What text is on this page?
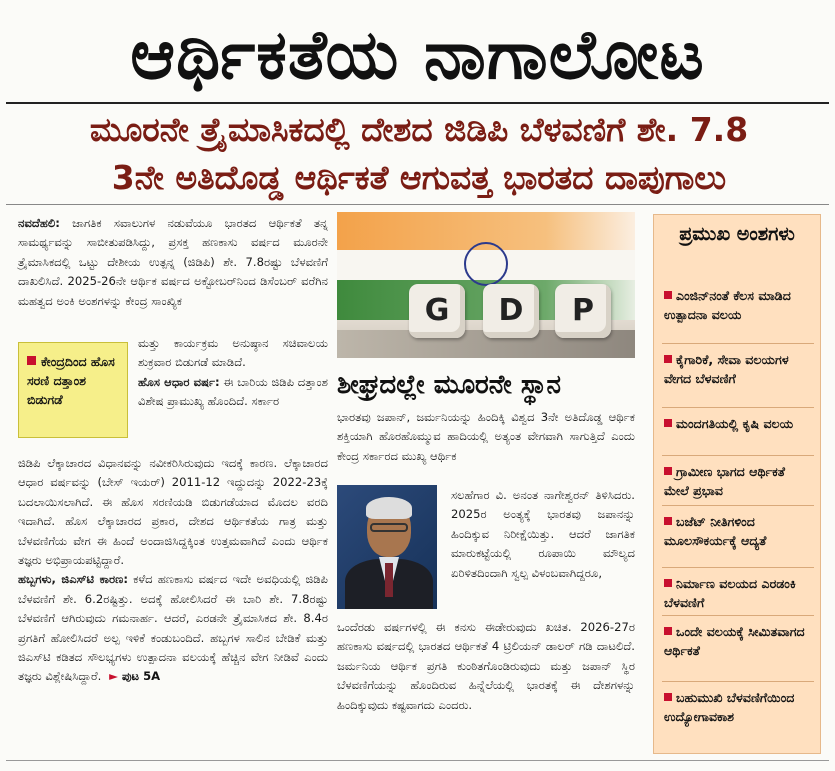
ಆರ್ಥಿಕತೆಯ ನಾಗಾಲೋಟ
ಮೂರನೇ ತ್ರೈಮಾಸಿಕದಲ್ಲಿ ದೇಶದ ಜಿಡಿಪಿ ಬೆಳವಣಿಗೆ ಶೇ. 7.8
3ನೇ ಅತಿದೊಡ್ಡ ಆರ್ಥಿಕತೆ ಆಗುವತ್ತ ಭಾರತದ ದಾಪುಗಾಲು

ನವದೆಹಲಿ: ಜಾಗತಿಕ ಸವಾಲುಗಳ ನಡುವೆಯೂ ಭಾರತದ ಆರ್ಥಿಕತೆ ತನ್ನ ಸಾಮರ್ಥ್ಯವನ್ನು ಸಾಬೀತುಪಡಿಸಿದ್ದು, ಪ್ರಸಕ್ತ ಹಣಕಾಸು ವರ್ಷದ ಮೂರನೇ ತ್ರೈಮಾಸಿಕದಲ್ಲಿ ಒಟ್ಟು ದೇಶೀಯ ಉತ್ಪನ್ನ (ಜಿಡಿಪಿ) ಶೇ. 7.8ರಷ್ಟು ಬೆಳವಣಿಗೆ ದಾಖಲಿಸಿದೆ. 2025-26ನೇ ಆರ್ಥಿಕ ವರ್ಷದ ಅಕ್ಟೋಬರ್‌ನಿಂದ ಡಿಸೆಂಬರ್ ವರೆಗಿನ ಮಹತ್ವದ ಅಂಕಿ ಅಂಶಗಳನ್ನು ಕೇಂದ್ರ ಸಾಂಖ್ಯಿಕ

ಮತ್ತು ಕಾರ್ಯಕ್ರಮ ಅನುಷ್ಠಾನ ಸಚಿವಾಲಯ ಶುಕ್ರವಾರ ಬಿಡುಗಡೆ ಮಾಡಿದೆ.

ಹೊಸ ಆಧಾರ ವರ್ಷ: ಈ ಬಾರಿಯ ಜಿಡಿಪಿ ದತ್ತಾಂಶ ವಿಶೇಷ ಪ್ರಾಮುಖ್ಯ ಹೊಂದಿದೆ. ಸರ್ಕಾರ

ಕೇಂದ್ರದಿಂದ ಹೊಸ ಸರಣಿ ದತ್ತಾಂಶ ಬಿಡುಗಡೆ

ಜಿಡಿಪಿ ಲೆಕ್ಕಾಚಾರದ ವಿಧಾನವನ್ನು ನವೀಕರಿಸಿರುವುದು ಇದಕ್ಕೆ ಕಾರಣ. ಲೆಕ್ಕಾಚಾರದ ಆಧಾರ ವರ್ಷವನ್ನು (ಬೇಸ್ ಇಯರ್) 2011-12 ಇದ್ದುದನ್ನು 2022-23ಕ್ಕೆ ಬದಲಾಯಿಸಲಾಗಿದೆ. ಈ ಹೊಸ ಸರಣಿಯಡಿ ಬಿಡುಗಡೆಯಾದ ಮೊದಲ ವರದಿ ಇದಾಗಿದೆ. ಹೊಸ ಲೆಕ್ಕಾಚಾರದ ಪ್ರಕಾರ, ದೇಶದ ಆರ್ಥಿಕತೆಯ ಗಾತ್ರ ಮತ್ತು ಬೆಳವಣಿಗೆಯ ವೇಗ ಈ ಹಿಂದೆ ಅಂದಾಜಿಸಿದ್ದಕ್ಕಿಂತ ಉತ್ತಮವಾಗಿದೆ ಎಂದು ಆರ್ಥಿಕ ತಜ್ಞರು ಅಭಿಪ್ರಾಯಪಟ್ಟಿದ್ದಾರೆ.

ಹಬ್ಬಗಳು, ಜಿಎಸ್‌ಟಿ ಕಾರಣ: ಕಳೆದ ಹಣಕಾಸು ವರ್ಷದ ಇದೇ ಅವಧಿಯಲ್ಲಿ ಜಿಡಿಪಿ ಬೆಳವಣಿಗೆ ಶೇ. 6.2ರಷ್ಟಿತ್ತು. ಅದಕ್ಕೆ ಹೋಲಿಸಿದರೆ ಈ ಬಾರಿ ಶೇ. 7.8ರಷ್ಟು ಬೆಳವಣಿಗೆ ಆಗಿರುವುದು ಗಮನಾರ್ಹ. ಆದರೆ, ಎರಡನೇ ತ್ರೈಮಾಸಿಕದ ಶೇ. 8.4ರ ಪ್ರಗತಿಗೆ ಹೋಲಿಸಿದರೆ ಅಲ್ಪ ಇಳಿಕೆ ಕಂಡುಬಂದಿದೆ. ಹಬ್ಬಗಳ ಸಾಲಿನ ಬೇಡಿಕೆ ಮತ್ತು ಜಿಎಸ್‌ಟಿ ಕಡಿತದ ಸೌಲಭ್ಯಗಳು ಉತ್ಪಾದನಾ ವಲಯಕ್ಕೆ ಹೆಚ್ಚಿನ ವೇಗ ನೀಡಿವೆ ಎಂದು ತಜ್ಞರು ವಿಶ್ಲೇಷಿಸಿದ್ದಾರೆ. ► ಪುಟ 5A

G	D	P
ಶೀಘ್ರದಲ್ಲೇ ಮೂರನೇ ಸ್ಥಾನ
ಭಾರತವು ಜಪಾನ್, ಜರ್ಮನಿಯನ್ನು ಹಿಂದಿಕ್ಕಿ ವಿಶ್ವದ 3ನೇ ಅತಿದೊಡ್ಡ ಆರ್ಥಿಕ ಶಕ್ತಿಯಾಗಿ ಹೊರಹೊಮ್ಮುವ ಹಾದಿಯಲ್ಲಿ ಅತ್ಯಂತ ವೇಗವಾಗಿ ಸಾಗುತ್ತಿದೆ ಎಂದು ಕೇಂದ್ರ ಸರ್ಕಾರದ ಮುಖ್ಯ ಆರ್ಥಿಕ
ಸಲಹೆಗಾರ ವಿ. ಅನಂತ ನಾಗೇಶ್ವರನ್ ತಿಳಿಸಿದರು. 2025ರ ಅಂತ್ಯಕ್ಕೆ ಭಾರತವು ಜಪಾನನ್ನು ಹಿಂದಿಕ್ಕುವ ನಿರೀಕ್ಷೆಯಿತ್ತು. ಆದರೆ ಜಾಗತಿಕ ಮಾರುಕಟ್ಟೆಯಲ್ಲಿ ರೂಪಾಯಿ ಮೌಲ್ಯದ ಏರಿಳಿತದಿಂದಾಗಿ ಸ್ವಲ್ಪ ವಿಳಂಬವಾಗಿದ್ದರೂ,
ಒಂದೆರಡು ವರ್ಷಗಳಲ್ಲಿ ಈ ಕನಸು ಈಡೇರುವುದು ಖಚಿತ. 2026-27ರ ಹಣಕಾಸು ವರ್ಷದಲ್ಲಿ ಭಾರತದ ಆರ್ಥಿಕತೆ 4 ಟ್ರಿಲಿಯನ್ ಡಾಲರ್ ಗಡಿ ದಾಟಲಿದೆ. ಜರ್ಮನಿಯ ಆರ್ಥಿಕ ಪ್ರಗತಿ ಕುಂಠಿತಗೊಂಡಿರುವುದು ಮತ್ತು ಜಪಾನ್ ಸ್ಥಿರ ಬೆಳವಣಿಗೆಯನ್ನು ಹೊಂದಿರುವ ಹಿನ್ನೆಲೆಯಲ್ಲಿ ಭಾರತಕ್ಕೆ ಈ ದೇಶಗಳನ್ನು ಹಿಂದಿಕ್ಕುವುದು ಕಷ್ಟವಾಗದು ಎಂದರು.
ಪ್ರಮುಖ ಅಂಶಗಳು
ಎಂಜಿನ್‌ನಂತೆ ಕೆಲಸ ಮಾಡಿದ ಉತ್ಪಾದನಾ ವಲಯ
ಕೈಗಾರಿಕೆ, ಸೇವಾ ವಲಯಗಳ ವೇಗದ ಬೆಳವಣಿಗೆ
ಮಂದಗತಿಯಲ್ಲಿ ಕೃಷಿ ವಲಯ
ಗ್ರಾಮೀಣ ಭಾಗದ ಆರ್ಥಿಕತೆ ಮೇಲೆ ಪ್ರಭಾವ
ಬಜೆಟ್ ನೀತಿಗಳಿಂದ ಮೂಲಸೌಕರ್ಯಕ್ಕೆ ಆದ್ಯತೆ
ನಿರ್ಮಾಣ ವಲಯದ ಎರಡಂಕಿ ಬೆಳವಣಿಗೆ
ಒಂದೇ ವಲಯಕ್ಕೆ ಸೀಮಿತವಾಗದ ಆರ್ಥಿಕತೆ
ಬಹುಮುಖಿ ಬೆಳವಣಿಗೆಯಿಂದ ಉದ್ಯೋಗಾವಕಾಶ
